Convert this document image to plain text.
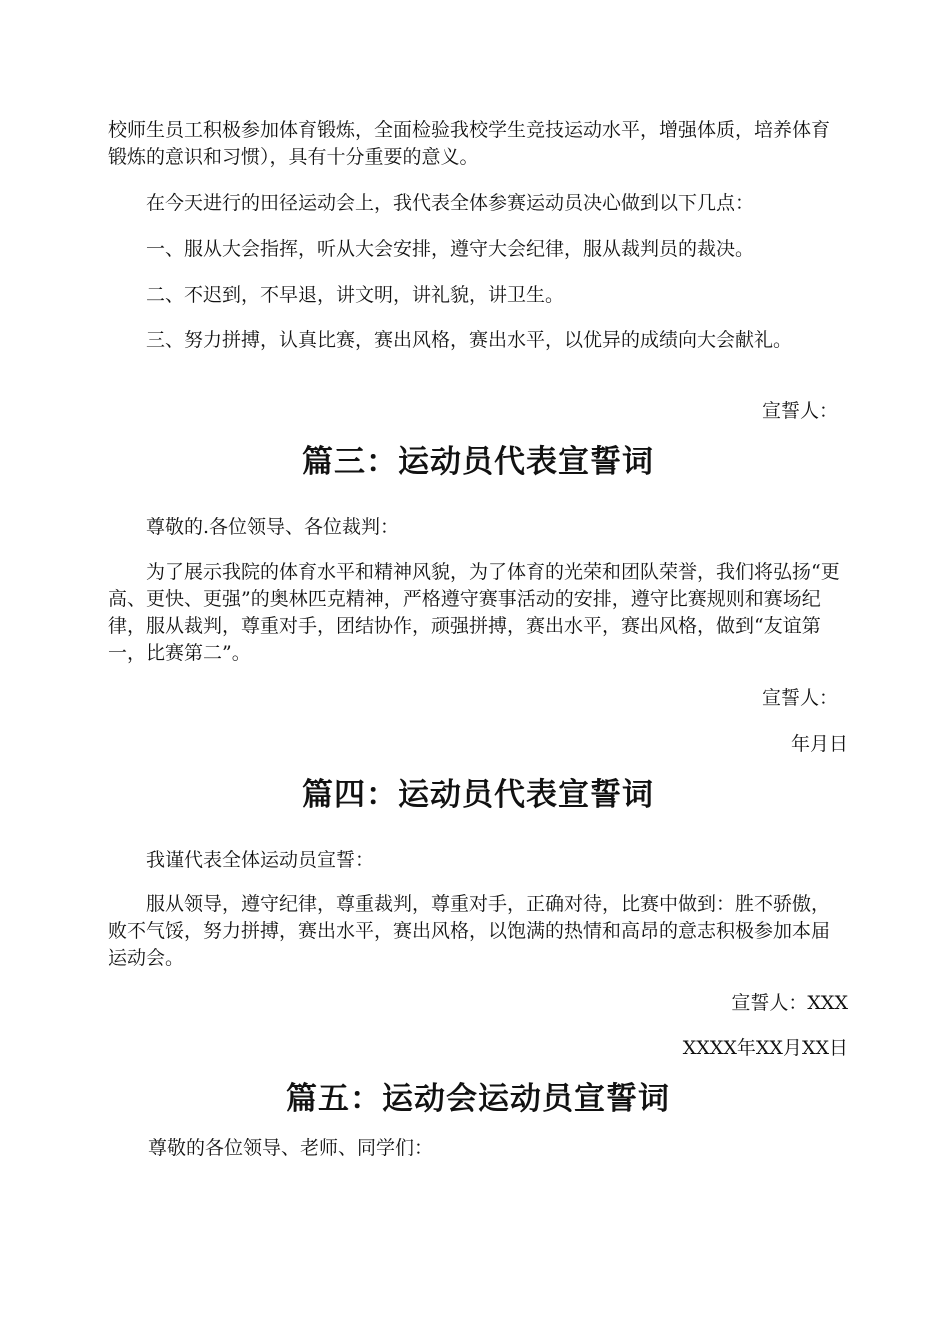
校师生员工积极参加体育锻炼，全面检验我校学生竞技运动水平，增强体质，培养体育锻炼的意识和习惯），具有十分重要的意义。

在今天进行的田径运动会上，我代表全体参赛运动员决心做到以下几点：

一、服从大会指挥，听从大会安排，遵守大会纪律，服从裁判员的裁决。

二、不迟到，不早退，讲文明，讲礼貌，讲卫生。

三、努力拼搏，认真比赛，赛出风格，赛出水平，以优异的成绩向大会献礼。

宣誓人：

篇三：运动员代表宣誓词

尊敬的.各位领导、各位裁判：

为了展示我院的体育水平和精神风貌，为了体育的光荣和团队荣誉，我们将弘扬“更高、更快、更强”的奥林匹克精神，严格遵守赛事活动的安排，遵守比赛规则和赛场纪律，服从裁判，尊重对手，团结协作，顽强拼搏，赛出水平，赛出风格，做到“友谊第一，比赛第二”。

宣誓人：

年月日

篇四：运动员代表宣誓词

我谨代表全体运动员宣誓：

服从领导，遵守纪律，尊重裁判，尊重对手，正确对待，比赛中做到：胜不骄傲，败不气馁，努力拼搏，赛出水平，赛出风格，以饱满的热情和高昂的意志积极参加本届运动会。

宣誓人：XXX

XXXX年XX月XX日

篇五：运动会运动员宣誓词

尊敬的各位领导、老师、同学们：
